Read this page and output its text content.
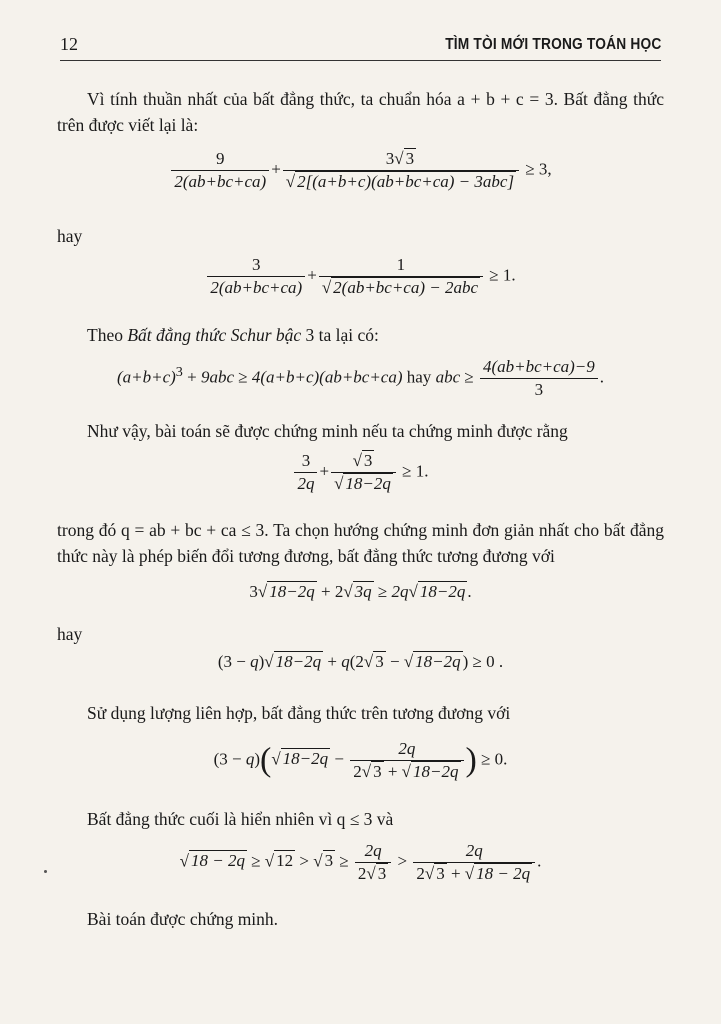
12	TÌM TÒI MỚI TRONG TOÁN HỌC
Vì tính thuần nhất của bất đẳng thức, ta chuẩn hóa a + b + c = 3. Bất đẳng thức trên được viết lại là:
$\frac{9}{2(ab+bc+ca)} + \frac{3√ 3}{\text{√ 2[(a+b+c)(ab+bc+ca) − 3abc]}} \ge 3$,
hay
$\frac{3}{2(ab+bc+ca)} + \frac{1}{\text{√ 2(ab+bc+ca) − 2abc}} \ge 1$.
Theo Bất đẳng thức Schur bậc 3 ta lại có:
$(a+b+c)^3 + 9abc \ge 4(a+b+c)(ab+bc+ca)$ hay abc ≥ $\frac{4(ab+bc+ca)-9}{3}$ .
Như vậy, bài toán sẽ được chứng minh nếu ta chứng minh được rằng
$\frac{3}{2q} + \frac{√ 3}{√ 18-2q} \ge 1$.
trong đó q = ab + bc + ca ≤ 3. Ta chọn hướng chứng minh đơn giản nhất cho bất đẳng thức này là phép biến đổi tương đương, bất đẳng thức tương đương với
3√ 18−2q + 2√ 3q ≥ 2q√ 18−2q .
hay
(3 − q)√ 18−2q + q(2√ 3 − √ 18−2q ) ≥ 0 .
Sử dụng lượng liên hợp, bất đẳng thức trên tương đương với
(3 − q)(√ $18-2q - \frac{2q}{2√ 3 + √ 18-2q}$ ) ≥ 0.
Bất đẳng thức cuối là hiển nhiên vì q ≤ 3 và
√ 18 − 2q ≥ √ 12 > √ $3 \ge \frac{2q}{2√ 3} > \frac{2q}{2√ 3 + √ 18 - 2q}$ .
Bài toán được chứng minh.
